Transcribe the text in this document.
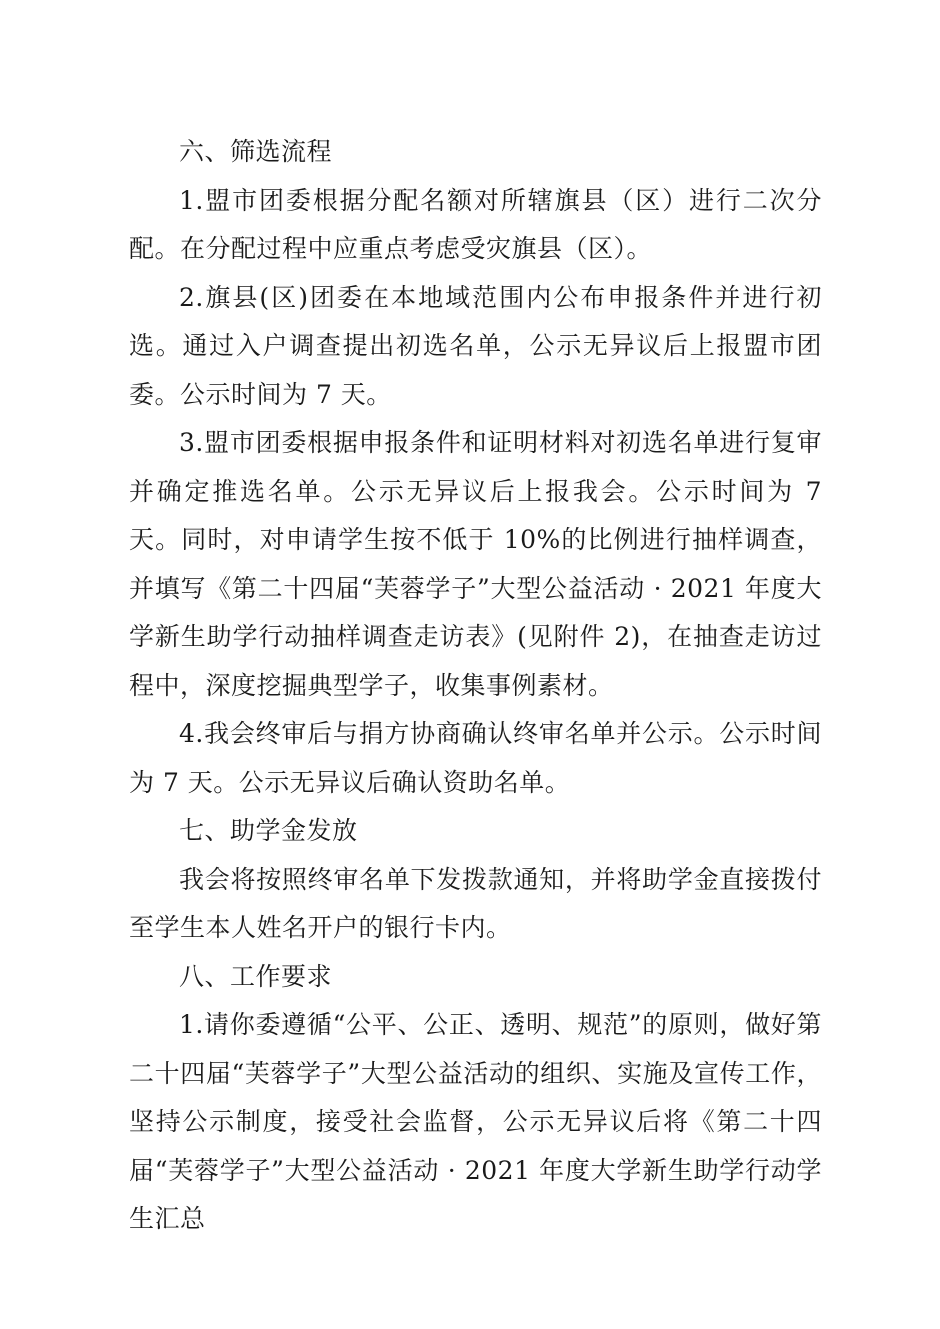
六、筛选流程

1.盟市团委根据分配名额对所辖旗县（区）进行二次分配。在分配过程中应重点考虑受灾旗县（区）。

2.旗县(区)团委在本地域范围内公布申报条件并进行初选。通过入户调查提出初选名单，公示无异议后上报盟市团委。公示时间为 7 天。

3.盟市团委根据申报条件和证明材料对初选名单进行复审并确定推选名单。公示无异议后上报我会。公示时间为 7 天。同时，对申请学生按不低于 10%的比例进行抽样调查，并填写《第二十四届“芙蓉学子”大型公益活动 · 2021 年度大学新生助学行动抽样调查走访表》(见附件 2)，在抽查走访过程中，深度挖掘典型学子，收集事例素材。

4.我会终审后与捐方协商确认终审名单并公示。公示时间为 7 天。公示无异议后确认资助名单。

七、助学金发放

我会将按照终审名单下发拨款通知，并将助学金直接拨付至学生本人姓名开户的银行卡内。

八、工作要求

1.请你委遵循“公平、公正、透明、规范”的原则，做好第二十四届“芙蓉学子”大型公益活动的组织、实施及宣传工作，坚持公示制度，接受社会监督，公示无异议后将《第二十四届“芙蓉学子”大型公益活动 · 2021 年度大学新生助学行动学生汇总
